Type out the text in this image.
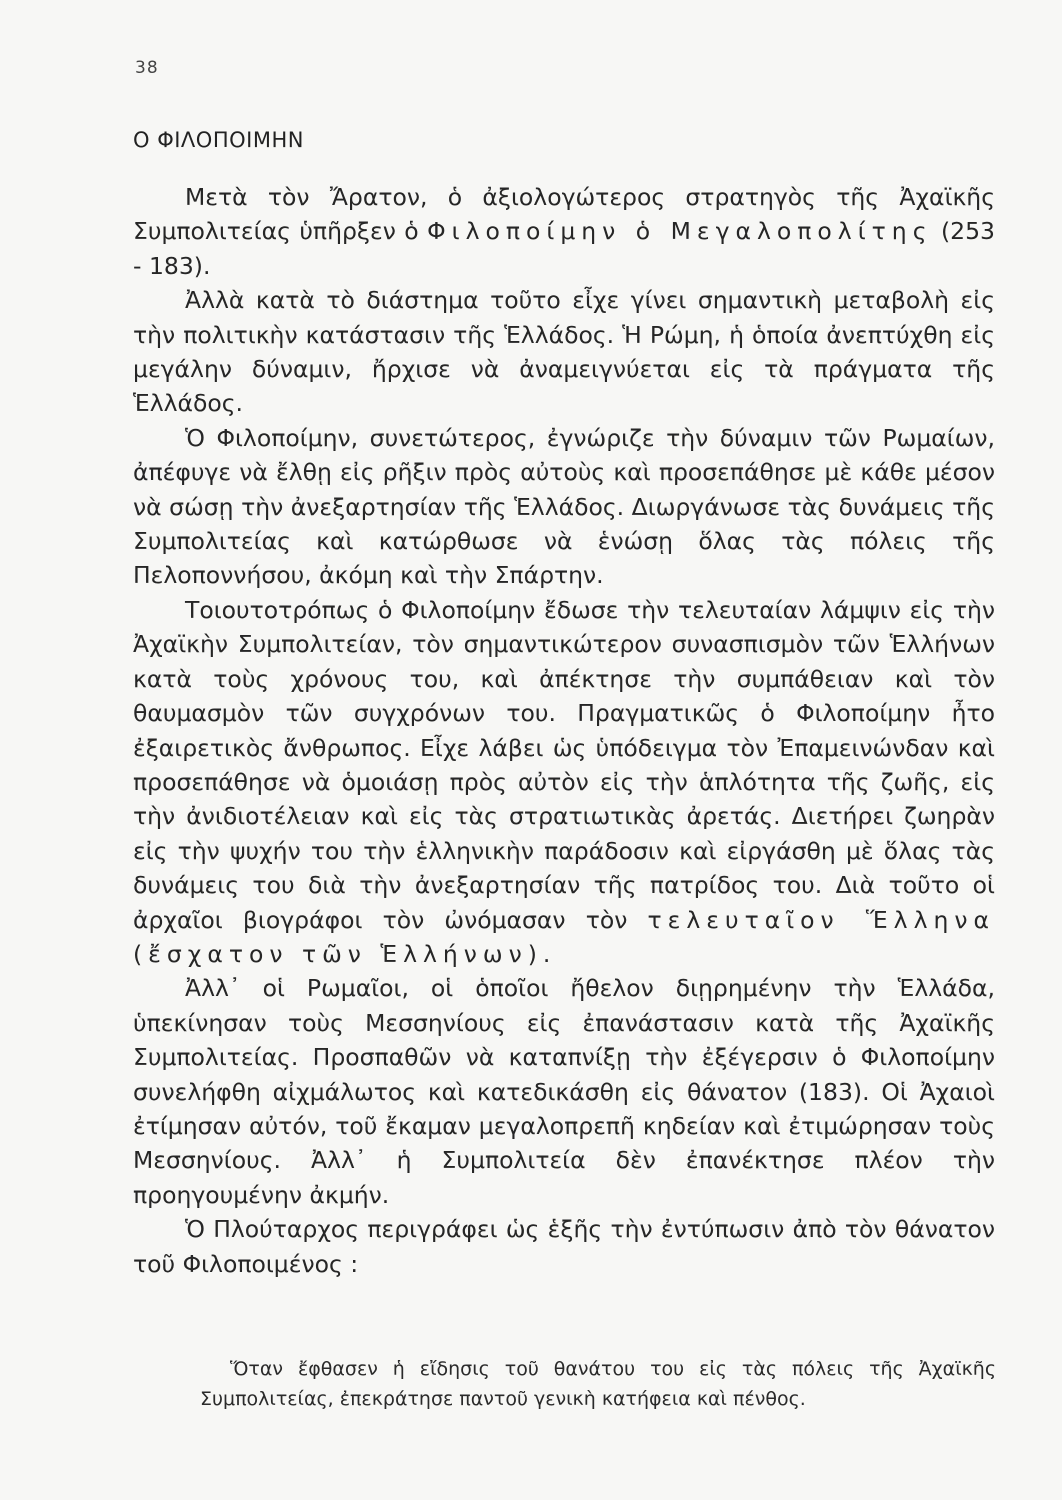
38
Ο ΦΙΛΟΠΟΙΜΗΝ

Μετὰ τὸν Ἄρατον, ὁ ἀξιολογώτερος στρατηγὸς τῆς Ἀχαϊκῆς Συμπολιτείας ὑπῆρξεν ὁ Φιλοποίμην ὁ Μεγαλοπολίτης (253 - 183).

Ἀλλὰ κατὰ τὸ διάστημα τοῦτο εἶχε γίνει σημαντικὴ μεταβολὴ εἰς τὴν πολιτικὴν κατάστασιν τῆς Ἑλλάδος. Ἡ Ρώμη, ἡ ὁποία ἀνεπτύχθη εἰς μεγάλην δύναμιν, ἤρχισε νὰ ἀναμειγνύεται εἰς τὰ πράγματα τῆς Ἑλλάδος.

Ὁ Φιλοποίμην, συνετώτερος, ἐγνώριζε τὴν δύναμιν τῶν Ρωμαίων, ἀπέφυγε νὰ ἔλθῃ εἰς ρῆξιν πρὸς αὐτοὺς καὶ προσεπάθησε μὲ κάθε μέσον νὰ σώσῃ τὴν ἀνεξαρτησίαν τῆς Ἑλλάδος. Διωργάνωσε τὰς δυνάμεις τῆς Συμπολιτείας καὶ κατώρθωσε νὰ ἑνώσῃ ὅλας τὰς πόλεις τῆς Πελοποννήσου, ἀκόμη καὶ τὴν Σπάρτην.

Τοιουτοτρόπως ὁ Φιλοποίμην ἔδωσε τὴν τελευταίαν λάμψιν εἰς τὴν Ἀχαϊκὴν Συμπολιτείαν, τὸν σημαντικώτερον συνασπισμὸν τῶν Ἑλλήνων κατὰ τοὺς χρόνους του, καὶ ἀπέκτησε τὴν συμπάθειαν καὶ τὸν θαυμασμὸν τῶν συγχρόνων του. Πραγματικῶς ὁ Φιλοποίμην ἦτο ἐξαιρετικὸς ἄνθρωπος. Εἶχε λάβει ὡς ὑπόδειγμα τὸν Ἐπαμεινώνδαν καὶ προσεπάθησε νὰ ὁμοιάσῃ πρὸς αὐτὸν εἰς τὴν ἁπλότητα τῆς ζωῆς, εἰς τὴν ἀνιδιοτέλειαν καὶ εἰς τὰς στρατιωτικὰς ἀρετάς. Διετήρει ζωηρὰν εἰς τὴν ψυχήν του τὴν ἑλληνικὴν παράδοσιν καὶ εἰργάσθη μὲ ὅλας τὰς δυνάμεις του διὰ τὴν ἀνεξαρτησίαν τῆς πατρίδος του. Διὰ τοῦτο οἱ ἀρχαῖοι βιογράφοι τὸν ὠνόμασαν τὸν τελευταῖον Ἕλληνα (ἔσχατον τῶν Ἑλλήνων).

Ἀλλ᾽ οἱ Ρωμαῖοι, οἱ ὁποῖοι ἤθελον διῃρημένην τὴν Ἑλλάδα, ὑπεκίνησαν τοὺς Μεσσηνίους εἰς ἐπανάστασιν κατὰ τῆς Ἀχαϊκῆς Συμπολιτείας. Προσπαθῶν νὰ καταπνίξῃ τὴν ἐξέγερσιν ὁ Φιλοποίμην συνελήφθη αἰχμάλωτος καὶ κατεδικάσθη εἰς θάνατον (183). Οἱ Ἀχαιοὶ ἐτίμησαν αὐτόν, τοῦ ἔκαμαν μεγαλοπρεπῆ κηδείαν καὶ ἐτιμώρησαν τοὺς Μεσσηνίους. Ἀλλ᾽ ἡ Συμπολιτεία δὲν ἐπανέκτησε πλέον τὴν προηγουμένην ἀκμήν.

Ὁ Πλούταρχος περιγράφει ὡς ἑξῆς τὴν ἐντύπωσιν ἀπὸ τὸν θάνατον τοῦ Φιλοποιμένος :

Ὅταν ἔφθασεν ἡ εἴδησις τοῦ θανάτου του εἰς τὰς πόλεις τῆς Ἀχαϊκῆς Συμπολιτείας, ἐπεκράτησε παντοῦ γενικὴ κατήφεια καὶ πένθος.
